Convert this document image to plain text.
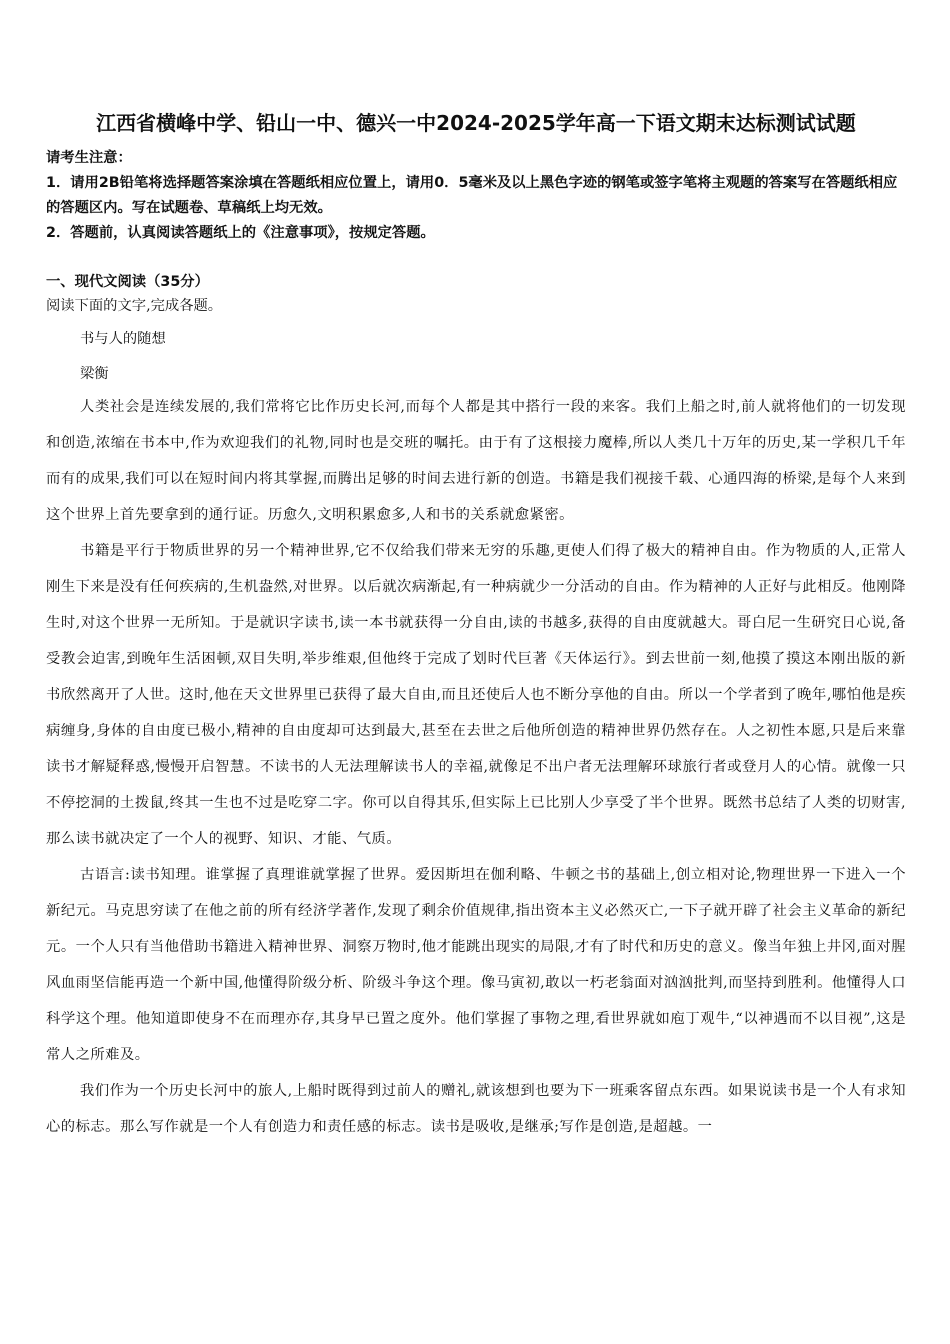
江西省横峰中学、铅山一中、德兴一中2024-2025学年高一下语文期末达标测试试题

请考生注意：

1．请用2B铅笔将选择题答案涂填在答题纸相应位置上，请用0．5毫米及以上黑色字迹的钢笔或签字笔将主观题的答案写在答题纸相应的答题区内。写在试题卷、草稿纸上均无效。

2．答题前，认真阅读答题纸上的《注意事项》，按规定答题。

一、现代文阅读（35分）

阅读下面的文字,完成各题。

书与人的随想

梁衡

人类社会是连续发展的,我们常将它比作历史长河,而每个人都是其中搭行一段的来客。我们上船之时,前人就将他们的一切发现和创造,浓缩在书本中,作为欢迎我们的礼物,同时也是交班的嘱托。由于有了这根接力魔棒,所以人类几十万年的历史,某一学积几千年而有的成果,我们可以在短时间内将其掌握,而腾出足够的时间去进行新的创造。书籍是我们视接千载、心通四海的桥梁,是每个人来到这个世界上首先要拿到的通行证。历愈久,文明积累愈多,人和书的关系就愈紧密。

书籍是平行于物质世界的另一个精神世界,它不仅给我们带来无穷的乐趣,更使人们得了极大的精神自由。作为物质的人,正常人刚生下来是没有任何疾病的,生机盎然,对世界。以后就次病渐起,有一种病就少一分活动的自由。作为精神的人正好与此相反。他刚降生时,对这个世界一无所知。于是就识字读书,读一本书就获得一分自由,读的书越多,获得的自由度就越大。哥白尼一生研究日心说,备受教会迫害,到晚年生活困顿,双目失明,举步维艰,但他终于完成了划时代巨著《天体运行》。到去世前一刻,他摸了摸这本刚出版的新书欣然离开了人世。这时,他在天文世界里已获得了最大自由,而且还使后人也不断分享他的自由。所以一个学者到了晚年,哪怕他是疾病缠身,身体的自由度已极小,精神的自由度却可达到最大,甚至在去世之后他所创造的精神世界仍然存在。人之初性本愿,只是后来靠读书才解疑释惑,慢慢开启智慧。不读书的人无法理解读书人的幸福,就像足不出户者无法理解环球旅行者或登月人的心情。就像一只不停挖洞的土拨鼠,终其一生也不过是吃穿二字。你可以自得其乐,但实际上已比别人少享受了半个世界。既然书总结了人类的切财害,那么读书就决定了一个人的视野、知识、才能、气质。

古语言:读书知理。谁掌握了真理谁就掌握了世界。爱因斯坦在伽利略、牛顿之书的基础上,创立相对论,物理世界一下进入一个新纪元。马克思穷读了在他之前的所有经济学著作,发现了剩余价值规律,指出资本主义必然灭亡,一下子就开辟了社会主义革命的新纪元。一个人只有当他借助书籍进入精神世界、洞察万物时,他才能跳出现实的局限,才有了时代和历史的意义。像当年独上井冈,面对腥风血雨坚信能再造一个新中国,他懂得阶级分析、阶级斗争这个理。像马寅初,敢以一朽老翁面对汹汹批判,而坚持到胜利。他懂得人口科学这个理。他知道即使身不在而理亦存,其身早已置之度外。他们掌握了事物之理,看世界就如庖丁观牛,“以神遇而不以目视”,这是常人之所难及。

我们作为一个历史长河中的旅人,上船时既得到过前人的赠礼,就该想到也要为下一班乘客留点东西。如果说读书是一个人有求知心的标志。那么写作就是一个人有创造力和责任感的标志。读书是吸收,是继承;写作是创造,是超越。一
